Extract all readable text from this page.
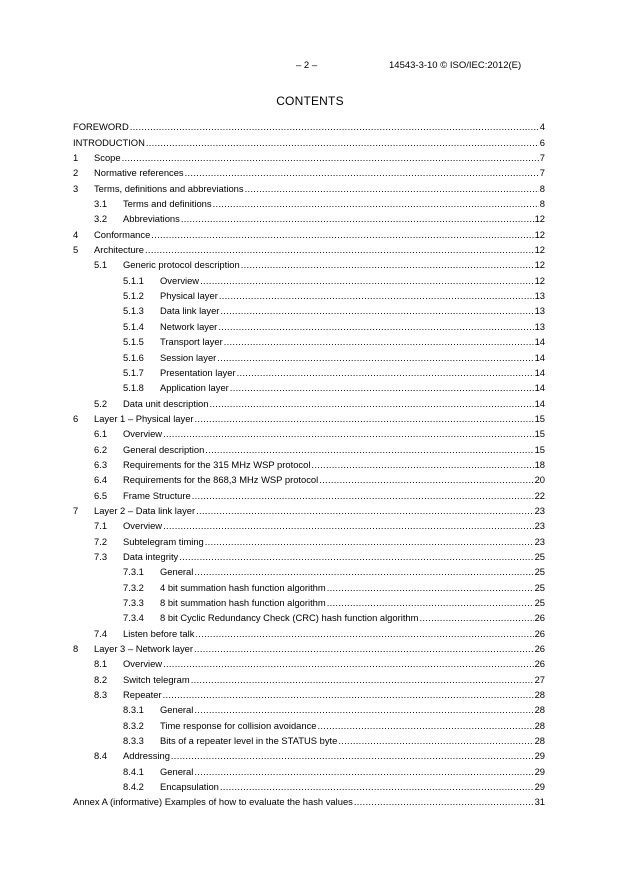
– 2 –	14543-3-10 © ISO/IEC:2012(E)
CONTENTS
FOREWORD .....	4
INTRODUCTION .....	6
1	Scope .....	7
2	Normative references .....	7
3	Terms, definitions and abbreviations .....	8
3.1	Terms and definitions .....	8
3.2	Abbreviations .....	12
4	Conformance .....	12
5	Architecture .....	12
5.1	Generic protocol description .....	12
5.1.1	Overview .....	12
5.1.2	Physical layer .....	13
5.1.3	Data link layer .....	13
5.1.4	Network layer .....	13
5.1.5	Transport layer .....	14
5.1.6	Session layer .....	14
5.1.7	Presentation layer .....	14
5.1.8	Application layer .....	14
5.2	Data unit description .....	14
6	Layer 1 – Physical layer .....	15
6.1	Overview .....	15
6.2	General description .....	15
6.3	Requirements for the 315 MHz WSP protocol .....	18
6.4	Requirements for the 868,3 MHz WSP protocol .....	20
6.5	Frame Structure .....	22
7	Layer 2 – Data link layer .....	23
7.1	Overview .....	23
7.2	Subtelegram timing .....	23
7.3	Data integrity .....	25
7.3.1	General .....	25
7.3.2	4 bit summation hash function algorithm .....	25
7.3.3	8 bit summation hash function algorithm .....	25
7.3.4	8 bit Cyclic Redundancy Check (CRC) hash function algorithm .....	26
7.4	Listen before talk .....	26
8	Layer 3 – Network layer .....	26
8.1	Overview .....	26
8.2	Switch telegram .....	27
8.3	Repeater .....	28
8.3.1	General .....	28
8.3.2	Time response for collision avoidance .....	28
8.3.3	Bits of a repeater level in the STATUS byte .....	28
8.4	Addressing .....	29
8.4.1	General .....	29
8.4.2	Encapsulation .....	29
Annex A (informative) Examples of how to evaluate the hash values .....	31
